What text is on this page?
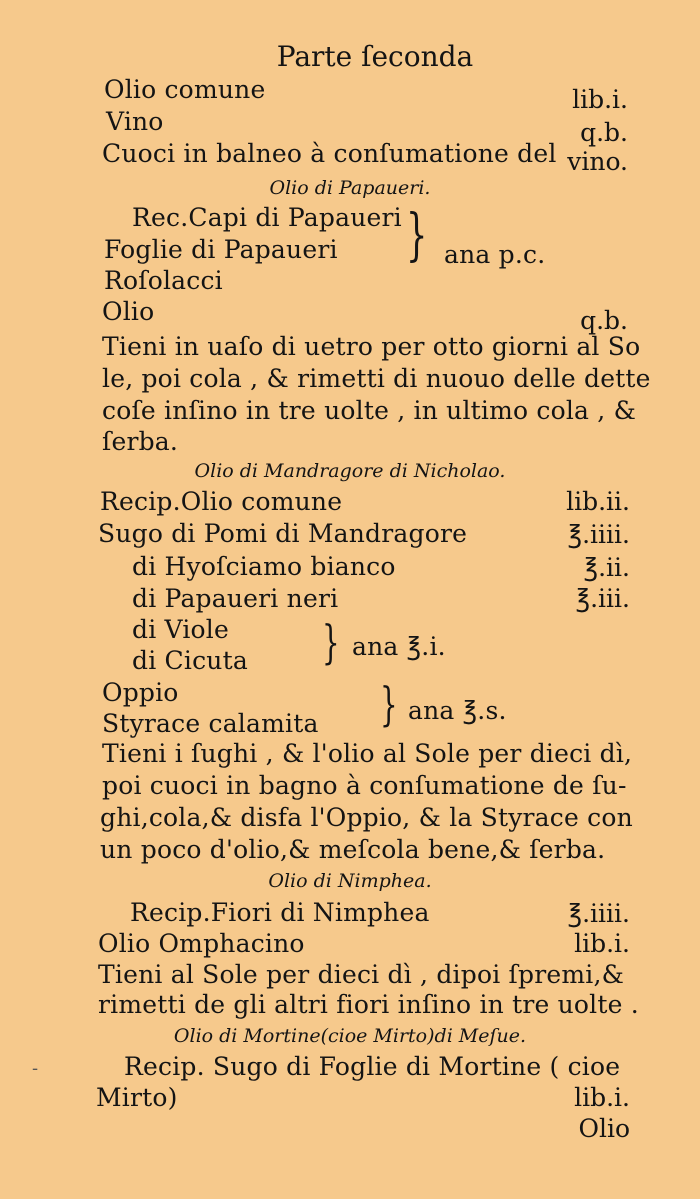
Parte ſeconda
Olio comune	lib.i.
Vino	q.b.
Cuoci in balneo à conſumatione del vino.
Olio di Papaueri.
Rec.Capi di Papaueri
Foglie di Papaueri
Roſolacci
} ana p.c.
Olio	q.b.
Tieni in uaſo di uetro per otto giorni al So
le, poi cola , & rimetti di nuouo delle dette
coſe inſino in tre uolte , in ultimo cola , &
ſerba.
Olio di Mandragore di Nicholao.
Recip.Olio comune	lib.ii.
Sugo di Pomi di Mandragore	℥.iiii.
di Hyoſciamo bianco	℥.ii.
di Papaueri neri	℥.iii.
di Viole
di Cicuta } ana ℥.i.
Oppio
Styrace calamita } ana ℥.s.
Tieni i ſughi , & l'olio al Sole per dieci dì,
poi cuoci in bagno à conſumatione de ſu-
ghi,cola,& disfa l'Oppio, & la Styrace con
un poco d'olio,& meſcola bene,& ſerba.
Olio di Nimphea.
Recip.Fiori di Nimphea	℥.iiii.
Olio Omphacino	lib.i.
Tieni al Sole per dieci dì , dipoi ſpremi,&
rimetti de gli altri fiori inſino in tre uolte .
Olio di Mortine(cioe Mirto)di Meſue.
-	Recip. Sugo di Foglie di Mortine ( cioe
Mirto)	lib.i.
Olio
